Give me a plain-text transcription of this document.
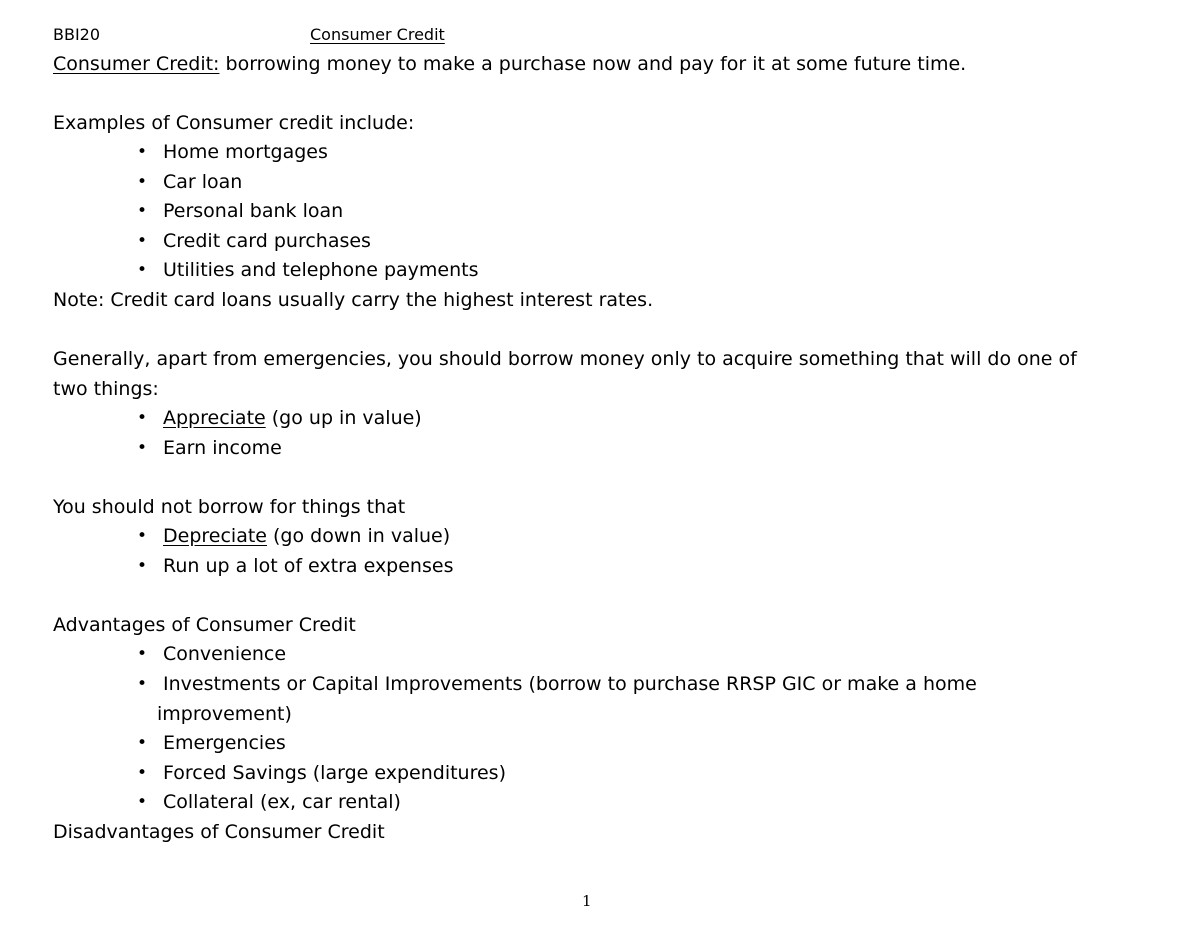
BBI20	Consumer Credit
Consumer Credit: borrowing money to make a purchase now and pay for it at some future time.
Examples of Consumer credit include:
• Home mortgages
• Car loan
• Personal bank loan
• Credit card purchases
• Utilities and telephone payments
Note: Credit card loans usually carry the highest interest rates.
Generally, apart from emergencies, you should borrow money only to acquire something that will do one of
two things:
• Appreciate (go up in value)
• Earn income
You should not borrow for things that
• Depreciate (go down in value)
• Run up a lot of extra expenses
Advantages of Consumer Credit
• Convenience
• Investments or Capital Improvements (borrow to purchase RRSP GIC or make a home
improvement)
• Emergencies
• Forced Savings (large expenditures)
• Collateral (ex, car rental)
Disadvantages of Consumer Credit
1
